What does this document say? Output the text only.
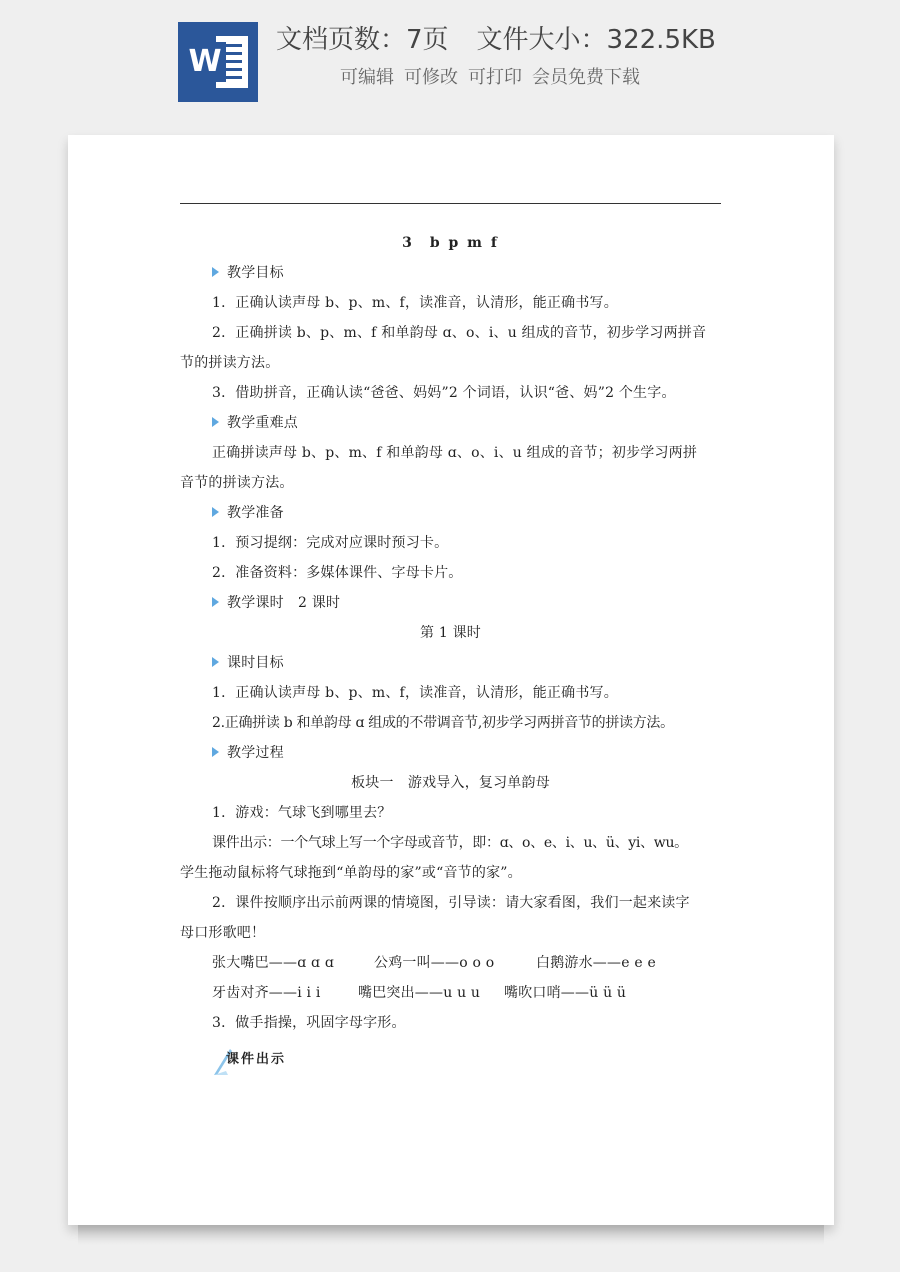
W
文档页数：7页 文件大小：322.5KB
可编辑 可修改 可打印 会员免费下载
3　b p m f
教学目标
1．正确认读声母 b、p、m、f，读准音，认清形，能正确书写。
2．正确拼读 b、p、m、f 和单韵母 ɑ、o、i、u 组成的音节，初步学习两拼音
节的拼读方法。
3．借助拼音，正确认读“爸爸、妈妈”2 个词语，认识“爸、妈”2 个生字。
教学重难点
正确拼读声母 b、p、m、f 和单韵母 ɑ、o、i、u 组成的音节；初步学习两拼
音节的拼读方法。
教学准备
1．预习提纲：完成对应课时预习卡。
2．准备资料：多媒体课件、字母卡片。
教学课时　2 课时
第 1 课时
课时目标
1．正确认读声母 b、p、m、f，读准音，认清形，能正确书写。
2.正确拼读 b 和单韵母 ɑ 组成的不带调音节,初步学习两拼音节的拼读方法。
教学过程
板块一　游戏导入，复习单韵母
1．游戏：气球飞到哪里去？
课件出示：一个气球上写一个字母或音节，即：ɑ、o、e、i、u、ü、yi、wu。
学生拖动鼠标将气球拖到“单韵母的家”或“音节的家”。
2．课件按顺序出示前两课的情境图，引导读：请大家看图，我们一起来读字
母口形歌吧！
张大嘴巴——ɑ ɑ ɑ	公鸡一叫——o o o	白鹅游水——e e e
牙齿对齐——i i i	嘴巴突出——u u u 嘴吹口哨——ü ü ü
3．做手指操，巩固字母字形。
课件出示
